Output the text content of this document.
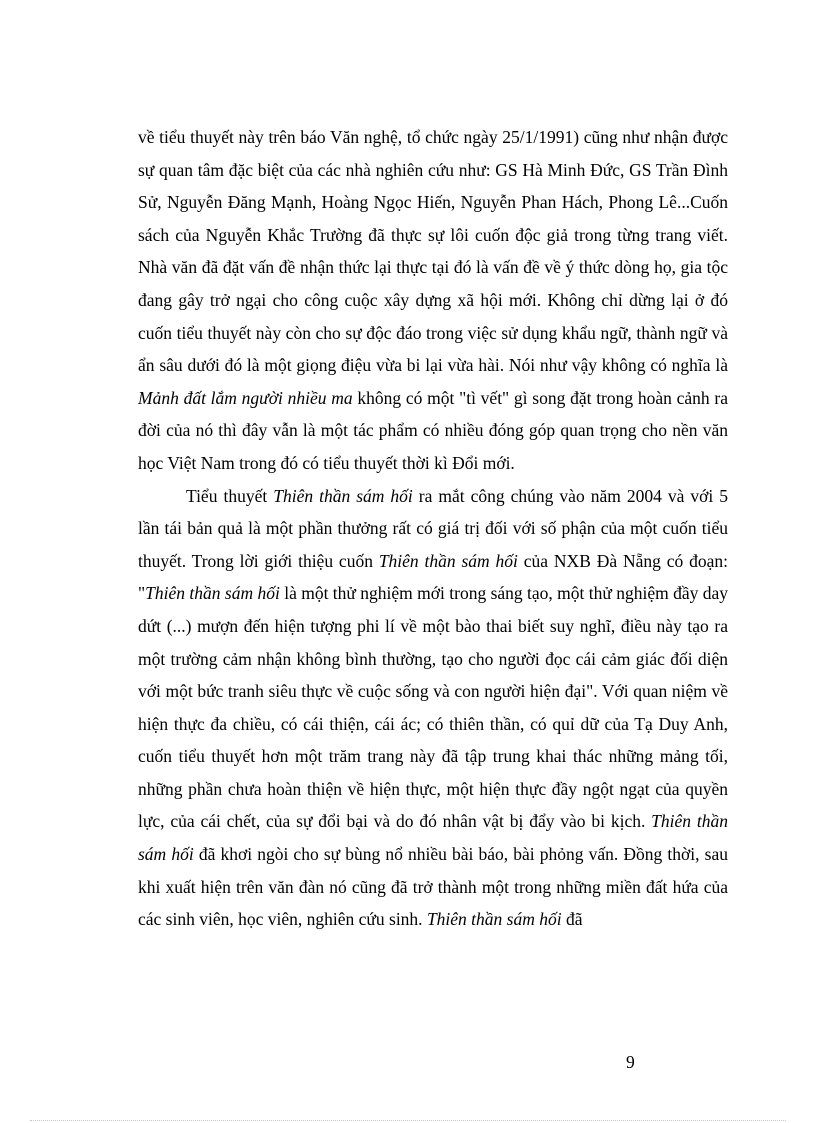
về tiểu thuyết này trên báo Văn nghệ, tổ chức ngày 25/1/1991) cũng như nhận được sự quan tâm đặc biệt của các nhà nghiên cứu như: GS Hà Minh Đức, GS Trần Đình Sử, Nguyễn Đăng Mạnh, Hoàng Ngọc Hiến, Nguyễn Phan Hách, Phong Lê...Cuốn sách của Nguyễn Khắc Trường đã thực sự lôi cuốn độc giả trong từng trang viết. Nhà văn đã đặt vấn đề nhận thức lại thực tại đó là vấn đề về ý thức dòng họ, gia tộc đang gây trở ngại cho công cuộc xây dựng xã hội mới. Không chỉ dừng lại ở đó cuốn tiểu thuyết này còn cho sự độc đáo trong việc sử dụng khẩu ngữ, thành ngữ và ẩn sâu dưới đó là một giọng điệu vừa bi lại vừa hài. Nói như vậy không có nghĩa là Mảnh đất lắm người nhiều ma không có một "tì vết" gì song đặt trong hoàn cảnh ra đời của nó thì đây vẫn là một tác phẩm có nhiều đóng góp quan trọng cho nền văn học Việt Nam trong đó có tiểu thuyết thời kì Đổi mới.

Tiểu thuyết Thiên thần sám hối ra mắt công chúng vào năm 2004 và với 5 lần tái bản quả là một phần thưởng rất có giá trị đối với số phận của một cuốn tiểu thuyết. Trong lời giới thiệu cuốn Thiên thần sám hối của NXB Đà Nẵng có đoạn: "Thiên thần sám hối là một thử nghiệm mới trong sáng tạo, một thử nghiệm đầy day dứt (...) mượn đến hiện tượng phi lí về một bào thai biết suy nghĩ, điều này tạo ra một trường cảm nhận không bình thường, tạo cho người đọc cái cảm giác đối diện với một bức tranh siêu thực về cuộc sống và con người hiện đại". Với quan niệm về hiện thực đa chiều, có cái thiện, cái ác; có thiên thần, có quỉ dữ của Tạ Duy Anh, cuốn tiểu thuyết hơn một trăm trang này đã tập trung khai thác những mảng tối, những phần chưa hoàn thiện về hiện thực, một hiện thực đầy ngột ngạt của quyền lực, của cái chết, của sự đổi bại và do đó nhân vật bị đẩy vào bi kịch. Thiên thần sám hối đã khơi ngòi cho sự bùng nổ nhiều bài báo, bài phỏng vấn. Đồng thời, sau khi xuất hiện trên văn đàn nó cũng đã trở thành một trong những miền đất hứa của các sinh viên, học viên, nghiên cứu sinh. Thiên thần sám hối đã

9
